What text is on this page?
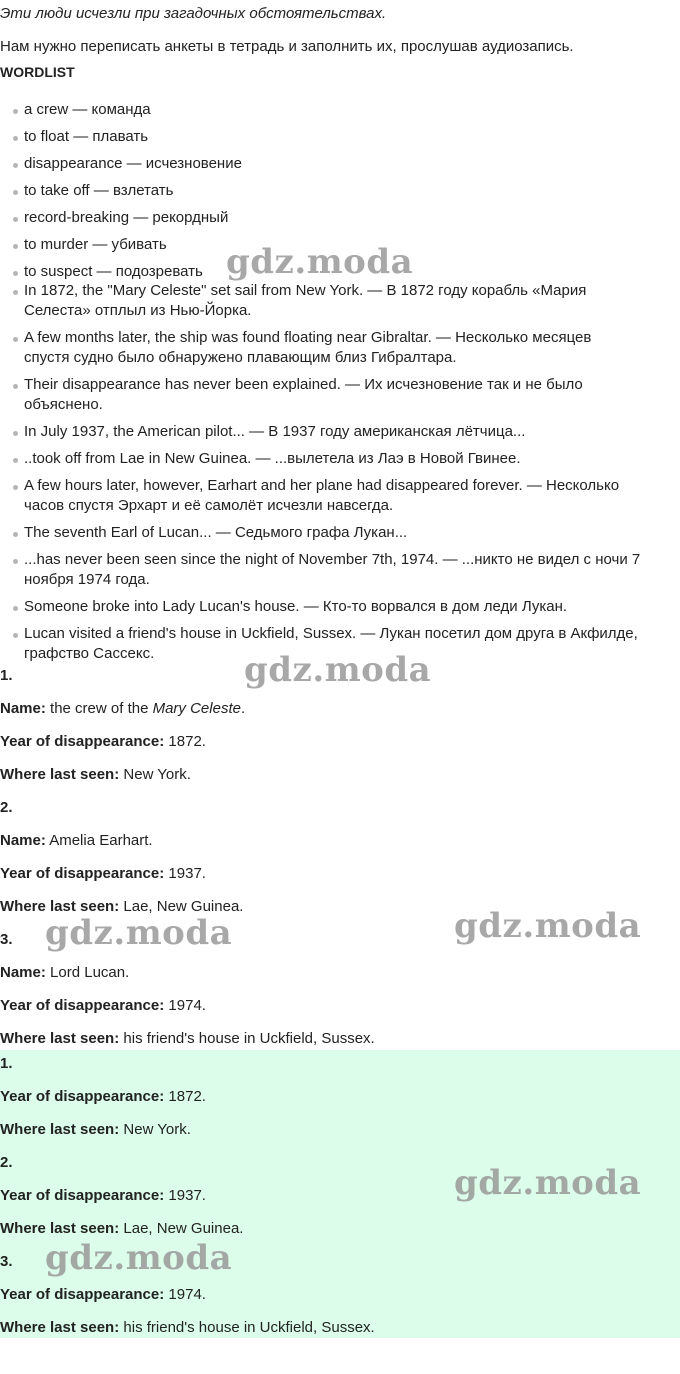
Эти люди исчезли при загадочных обстоятельствах.
Нам нужно переписать анкеты в тетрадь и заполнить их, прослушав аудиозапись.
WORDLIST
a crew — команда
to float — плавать
disappearance — исчезновение
to take off — взлетать
record-breaking — рекордный
to murder — убивать
to suspect — подозревать
In 1872, the "Mary Celeste" set sail from New York. — В 1872 году корабль «Мария
Селеста» отплыл из Нью-Йорка.
A few months later, the ship was found floating near Gibraltar. — Несколько месяцев
спустя судно было обнаружено плавающим близ Гибралтара.
Their disappearance has never been explained. — Их исчезновение так и не было
объяснено.
In July 1937, the American pilot... — В 1937 году американская лётчица...
..took off from Lae in New Guinea. — ...вылетела из Лаэ в Новой Гвинее.
A few hours later, however, Earhart and her plane had disappeared forever. — Несколько
часов спустя Эрхарт и её самолёт исчезли навсегда.
The seventh Earl of Lucan... — Седьмого графа Лукан...
...has never been seen since the night of November 7th, 1974. — ...никто не видел с ночи 7
ноября 1974 года.
Someone broke into Lady Lucan's house. — Кто-то ворвался в дом леди Лукан.
Lucan visited a friend's house in Uckfield, Sussex. — Лукан посетил дом друга в Акфилде,
графство Сассекс.
1.
Name: the crew of the Mary Celeste.
Year of disappearance: 1872.
Where last seen: New York.
2.
Name: Amelia Earhart.
Year of disappearance: 1937.
Where last seen: Lae, New Guinea.
3.
Name: Lord Lucan.
Year of disappearance: 1974.
Where last seen: his friend's house in Uckfield, Sussex.
1.
Year of disappearance: 1872.
Where last seen: New York.
2.
Year of disappearance: 1937.
Where last seen: Lae, New Guinea.
3.
Year of disappearance: 1974.
Where last seen: his friend's house in Uckfield, Sussex.
gdz.moda
gdz.moda
gdz.moda
gdz.moda
gdz.moda
gdz.moda
